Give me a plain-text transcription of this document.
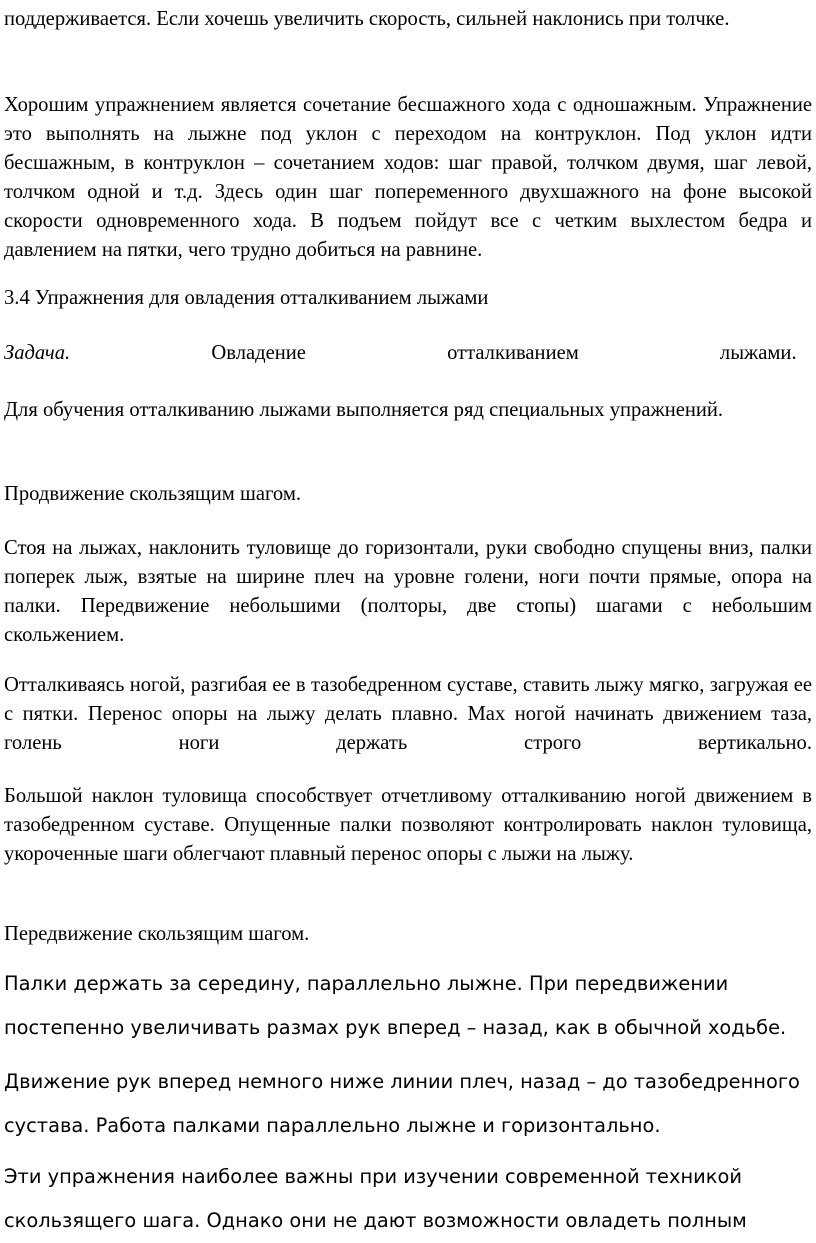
поддерживается. Если хочешь увеличить скорость, сильней наклонись при толчке.

Хорошим упражнением является сочетание бесшажного хода с одношажным. Упражнение это выполнять на лыжне под уклон с переходом на контруклон. Под уклон идти бесшажным, в контруклон – сочетанием ходов: шаг правой, толчком двумя, шаг левой, толчком одной и т.д. Здесь один шаг попеременного двухшажного на фоне высокой скорости одновременного хода. В подъем пойдут все с четким выхлестом бедра и давлением на пятки, чего трудно добиться на равнине.

3.4 Упражнения для овладения отталкиванием лыжами

Задача.	Овладение отталкиванием лыжами.

Для обучения отталкиванию лыжами выполняется ряд специальных упражнений.

Продвижение скользящим шагом.

Стоя на лыжах, наклонить туловище до горизонтали, руки свободно спущены вниз, палки поперек лыж, взятые на ширине плеч на уровне голени, ноги почти прямые, опора на палки. Передвижение небольшими (полторы, две стопы) шагами с небольшим скольжением.

Отталкиваясь ногой, разгибая ее в тазобедренном суставе, ставить лыжу мягко, загружая ее с пятки. Перенос опоры на лыжу делать плавно. Мах ногой начинать движением таза, голень ноги держать строго вертикально.

Большой наклон туловища способствует отчетливому отталкиванию ногой движением в тазобедренном суставе. Опущенные палки позволяют контролировать наклон туловища, укороченные шаги облегчают плавный перенос опоры с лыжи на лыжу.

Передвижение скользящим шагом.

Палки держать за середину, параллельно лыжне. При передвижении постепенно увеличивать размах рук вперед – назад, как в обычной ходьбе.

Движение рук вперед немного ниже линии плеч, назад – до тазобедренного сустава. Работа палками параллельно лыжне и горизонтально.

Эти упражнения наиболее важны при изучении современной техникой скользящего шага. Однако они не дают возможности овладеть полным
